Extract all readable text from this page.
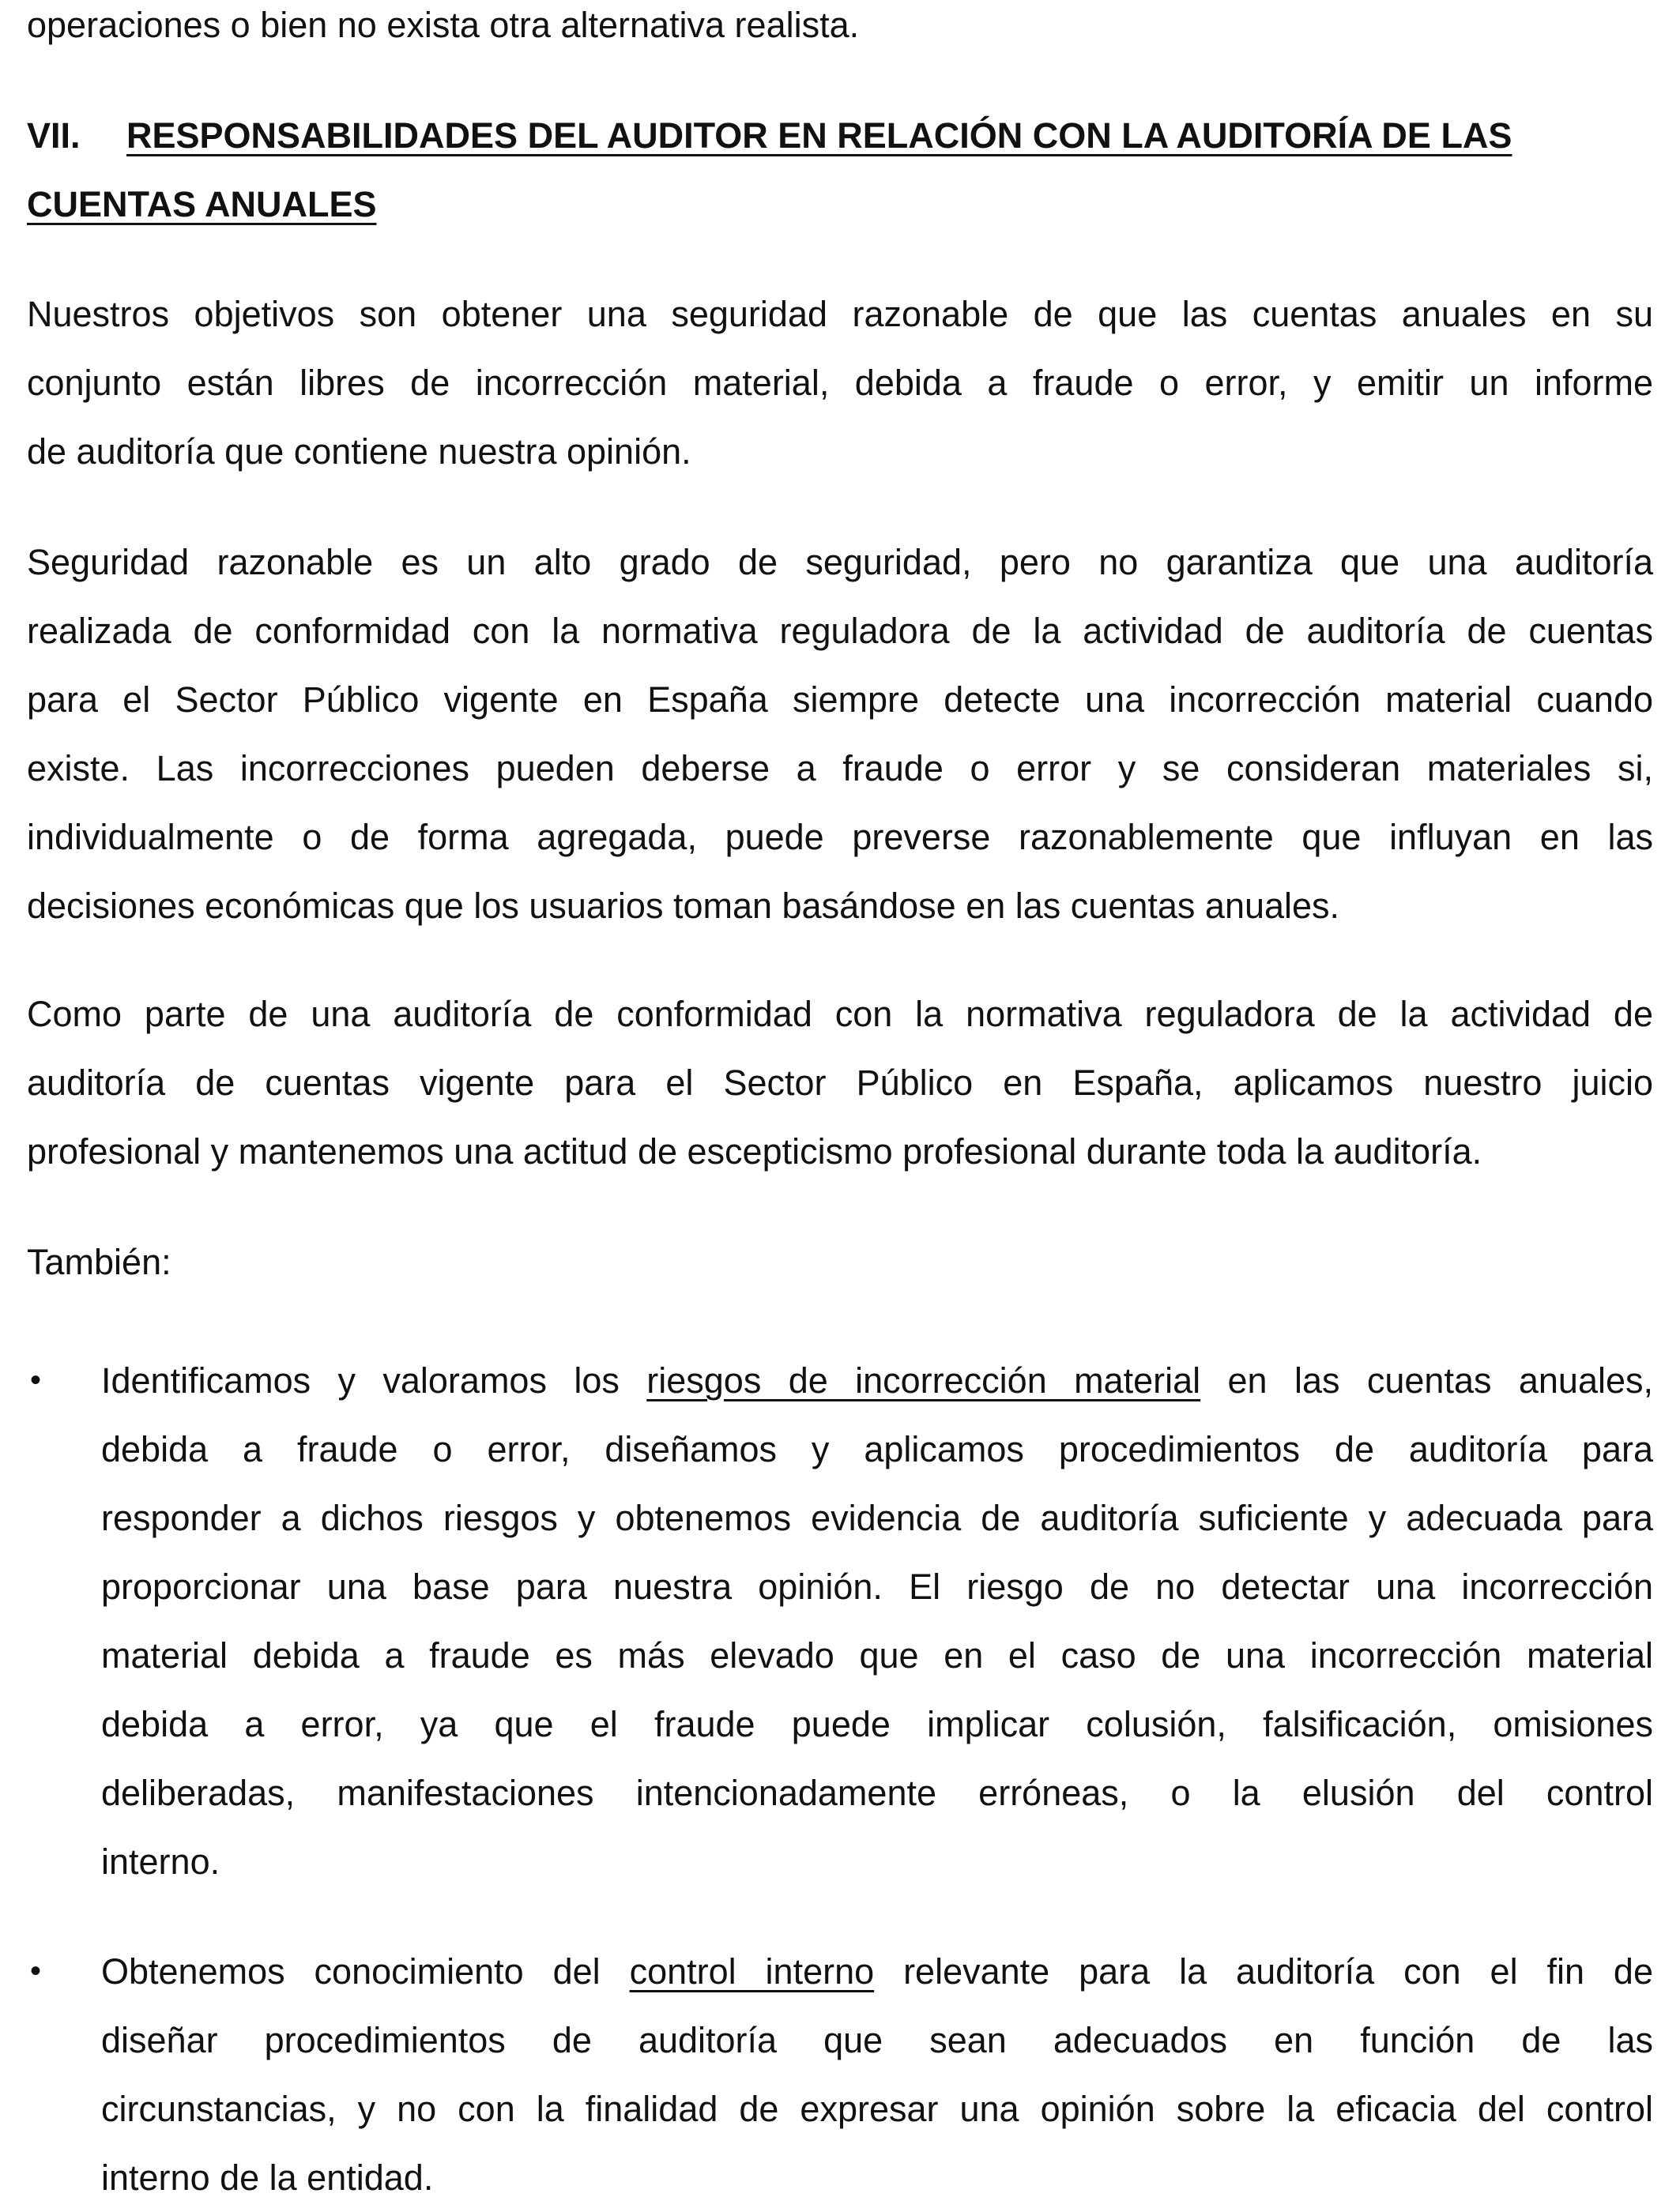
operaciones o bien no exista otra alternativa realista.
VII. RESPONSABILIDADES DEL AUDITOR EN RELACIÓN CON LA AUDITORÍA DE LAS
CUENTAS ANUALES
Nuestros objetivos son obtener una seguridad razonable de que las cuentas anuales en su
conjunto están libres de incorrección material, debida a fraude o error, y emitir un informe
de auditoría que contiene nuestra opinión.
Seguridad razonable es un alto grado de seguridad, pero no garantiza que una auditoría
realizada de conformidad con la normativa reguladora de la actividad de auditoría de cuentas
para el Sector Público vigente en España siempre detecte una incorrección material cuando
existe. Las incorrecciones pueden deberse a fraude o error y se consideran materiales si,
individualmente o de forma agregada, puede preverse razonablemente que influyan en las
decisiones económicas que los usuarios toman basándose en las cuentas anuales.
Como parte de una auditoría de conformidad con la normativa reguladora de la actividad de
auditoría de cuentas vigente para el Sector Público en España, aplicamos nuestro juicio
profesional y mantenemos una actitud de escepticismo profesional durante toda la auditoría.
También:
• Identificamos y valoramos los riesgos de incorrección material en las cuentas anuales,
debida a fraude o error, diseñamos y aplicamos procedimientos de auditoría para
responder a dichos riesgos y obtenemos evidencia de auditoría suficiente y adecuada para
proporcionar una base para nuestra opinión. El riesgo de no detectar una incorrección
material debida a fraude es más elevado que en el caso de una incorrección material
debida a error, ya que el fraude puede implicar colusión, falsificación, omisiones
deliberadas, manifestaciones intencionadamente erróneas, o la elusión del control
interno.
• Obtenemos conocimiento del control interno relevante para la auditoría con el fin de
diseñar procedimientos de auditoría que sean adecuados en función de las
circunstancias, y no con la finalidad de expresar una opinión sobre la eficacia del control
interno de la entidad.
